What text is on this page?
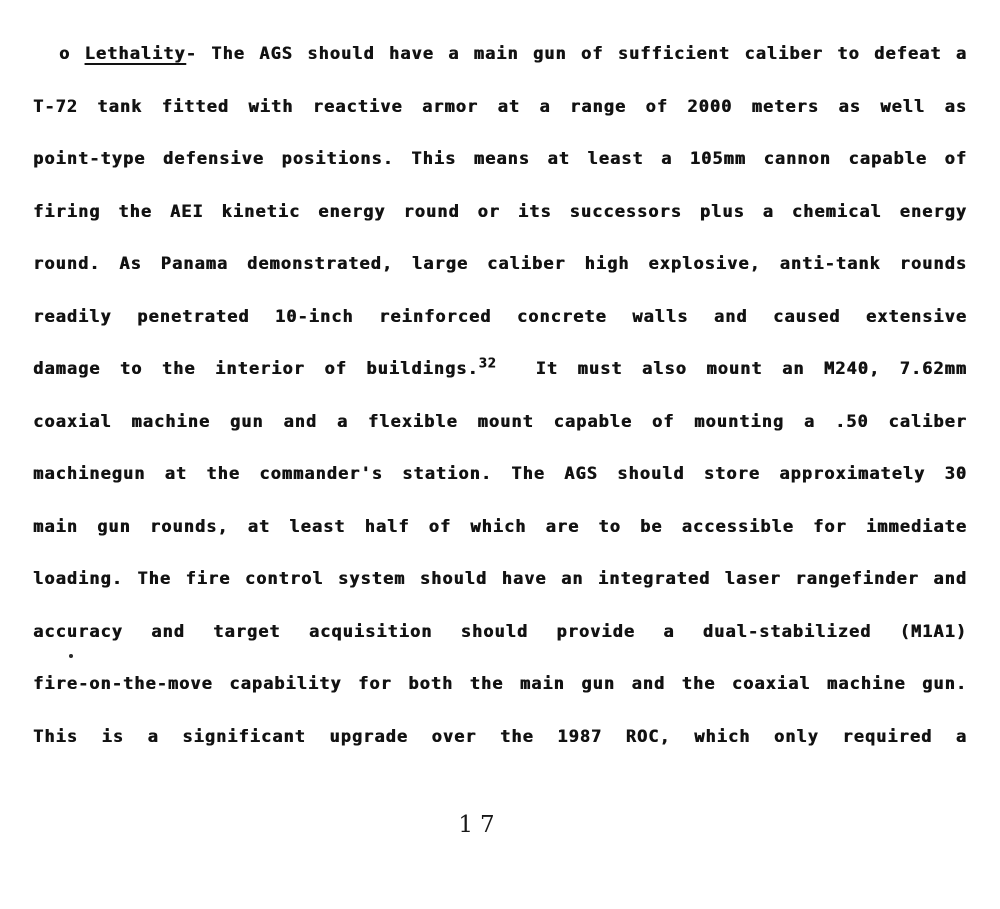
o Lethality- The AGS should have a main gun of sufficient caliber to defeat a
T-72 tank fitted with reactive armor at a range of 2000 meters as well as
point-type defensive positions. This means at least a 105mm cannon capable of
firing the AEI kinetic energy round or its successors plus a chemical energy
round. As Panama demonstrated, large caliber high explosive, anti-tank rounds
readily penetrated 10-inch reinforced concrete walls and caused extensive
damage to the interior of buildings.$^{32}$  It must also mount an M240, 7.62mm
coaxial machine gun and a flexible mount capable of mounting a .50 caliber
machinegun at the commander's station. The AGS should store approximately 30
main gun rounds, at least half of which are to be accessible for immediate
loading. The fire control system should have an integrated laser rangefinder and
accuracy and target acquisition should provide a dual-stabilized (M1A1)
fire-on-the-move capability for both the main gun and the coaxial machine gun.
This is a significant upgrade over the 1987 ROC, which only required a
17
